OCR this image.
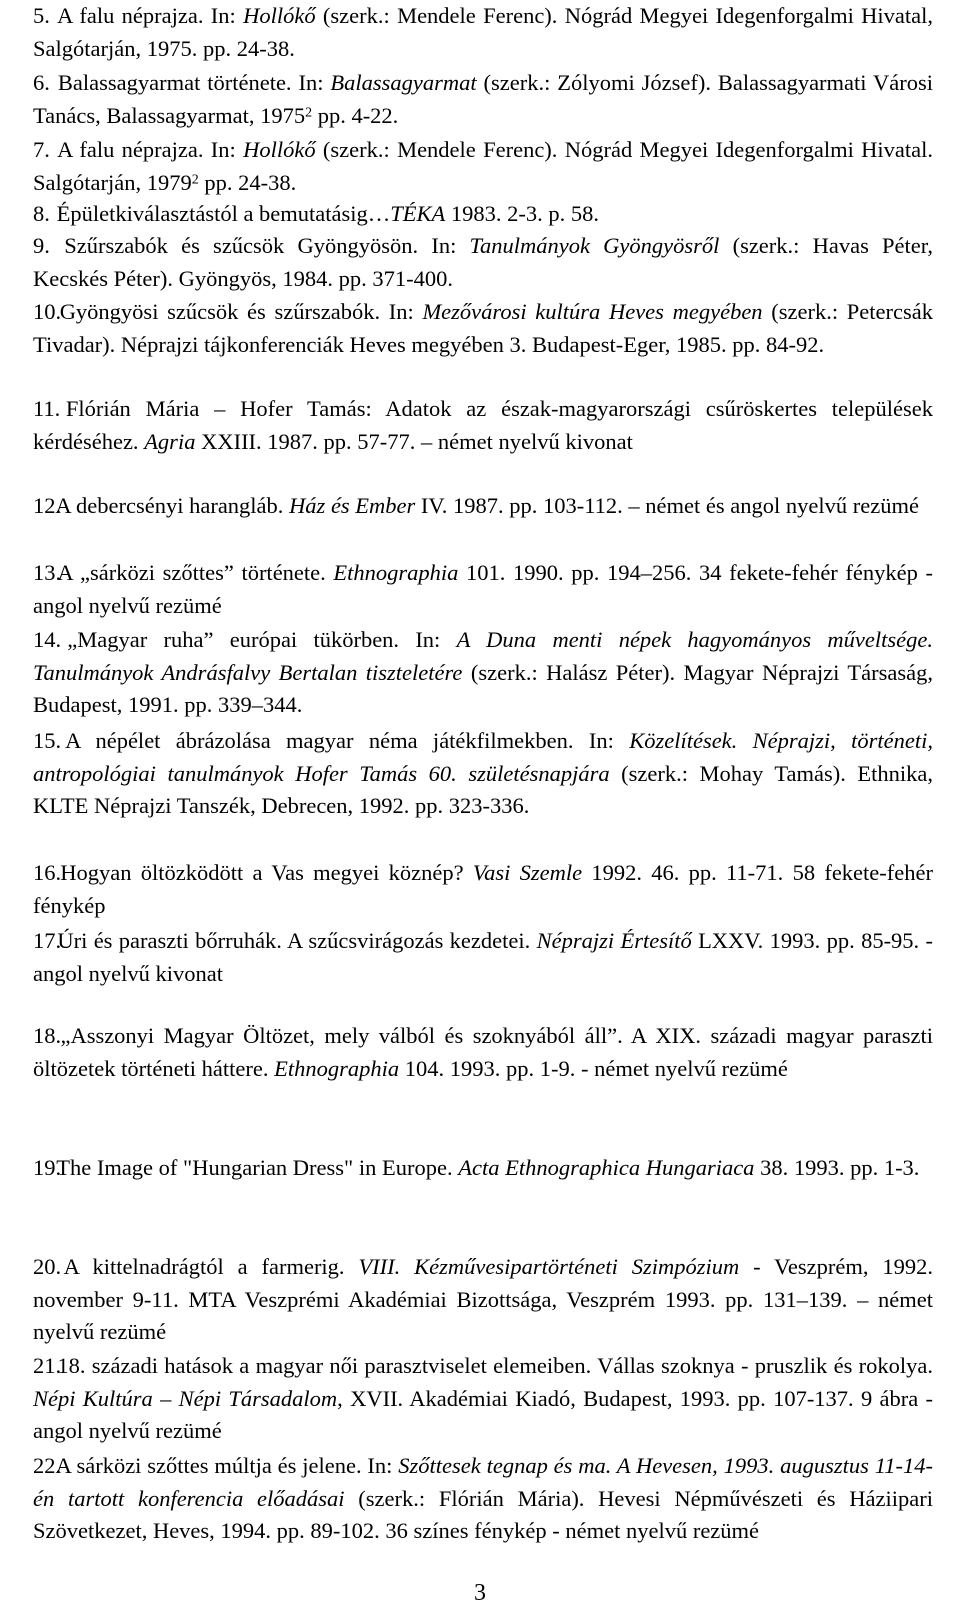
5. A falu néprajza. In: Hollókő (szerk.: Mendele Ferenc). Nógrád Megyei Idegenforgalmi Hivatal, Salgótarján, 1975. pp. 24-38.

6. Balassagyarmat története. In: Balassagyarmat (szerk.: Zólyomi József). Balassagyarmati Városi Tanács, Balassagyarmat, 1975$^2$ pp. 4-22.

7. A falu néprajza. In: Hollókő (szerk.: Mendele Ferenc). Nógrád Megyei Idegenforgalmi Hivatal. Salgótarján, 1979$^2$ pp. 24-38.

8. Épületkiválasztástól a bemutatásig…TÉKA 1983. 2-3. p. 58.

9. Szűrszabók és szűcsök Gyöngyösön. In: Tanulmányok Gyöngyösről (szerk.: Havas Péter, Kecskés Péter). Gyöngyös, 1984. pp. 371-400.

10. Gyöngyösi szűcsök és szűrszabók. In: Mezővárosi kultúra Heves megyében (szerk.: Petercsák Tivadar). Néprajzi tájkonferenciák Heves megyében 3. Budapest-Eger, 1985. pp. 84-92.

11. Flórián Mária – Hofer Tamás: Adatok az észak-magyarországi csűröskertes települések kérdéséhez. Agria XXIII. 1987. pp. 57-77. – német nyelvű kivonat

12. A debercsényi harangláb. Ház és Ember IV. 1987. pp. 103-112. – német és angol nyelvű rezümé

13. A „sárközi szőttes” története. Ethnographia 101. 1990. pp. 194–256. 34 fekete-fehér fénykép - angol nyelvű rezümé

14. „Magyar ruha” európai tükörben. In: A Duna menti népek hagyományos műveltsége. Tanulmányok Andrásfalvy Bertalan tiszteletére (szerk.: Halász Péter). Magyar Néprajzi Társaság, Budapest, 1991. pp. 339–344.

15. A népélet ábrázolása magyar néma játékfilmekben. In: Közelítések. Néprajzi, történeti, antropológiai tanulmányok Hofer Tamás 60. születésnapjára (szerk.: Mohay Tamás). Ethnika, KLTE Néprajzi Tanszék, Debrecen, 1992. pp. 323-336.

16. Hogyan öltözködött a Vas megyei köznép? Vasi Szemle 1992. 46. pp. 11-71. 58 fekete-fehér fénykép

17. Úri és paraszti bőrruhák. A szűcsvirágozás kezdetei. Néprajzi Értesítő LXXV. 1993. pp. 85-95. - angol nyelvű kivonat

18. „Asszonyi Magyar Öltözet, mely válból és szoknyából áll”. A XIX. századi magyar paraszti öltözetek történeti háttere. Ethnographia 104. 1993. pp. 1-9. - német nyelvű rezümé

19. The Image of "Hungarian Dress" in Europe. Acta Ethnographica Hungariaca 38. 1993. pp. 1-3.

20. A kittelnadrágtól a farmerig. VIII. Kézművesipartörténeti Szimpózium - Veszprém, 1992. november 9-11. MTA Veszprémi Akadémiai Bizottsága, Veszprém 1993. pp. 131–139. – német nyelvű rezümé

21. 18. századi hatások a magyar női parasztviselet elemeiben. Vállas szoknya - pruszlik és rokolya. Népi Kultúra – Népi Társadalom, XVII. Akadémiai Kiadó, Budapest, 1993. pp. 107-137. 9 ábra - angol nyelvű rezümé

22. A sárközi szőttes múltja és jelene. In: Szőttesek tegnap és ma. A Hevesen, 1993. augusztus 11-14-én tartott konferencia előadásai (szerk.: Flórián Mária). Hevesi Népművészeti és Háziipari Szövetkezet, Heves, 1994. pp. 89-102. 36 színes fénykép - német nyelvű rezümé

3
